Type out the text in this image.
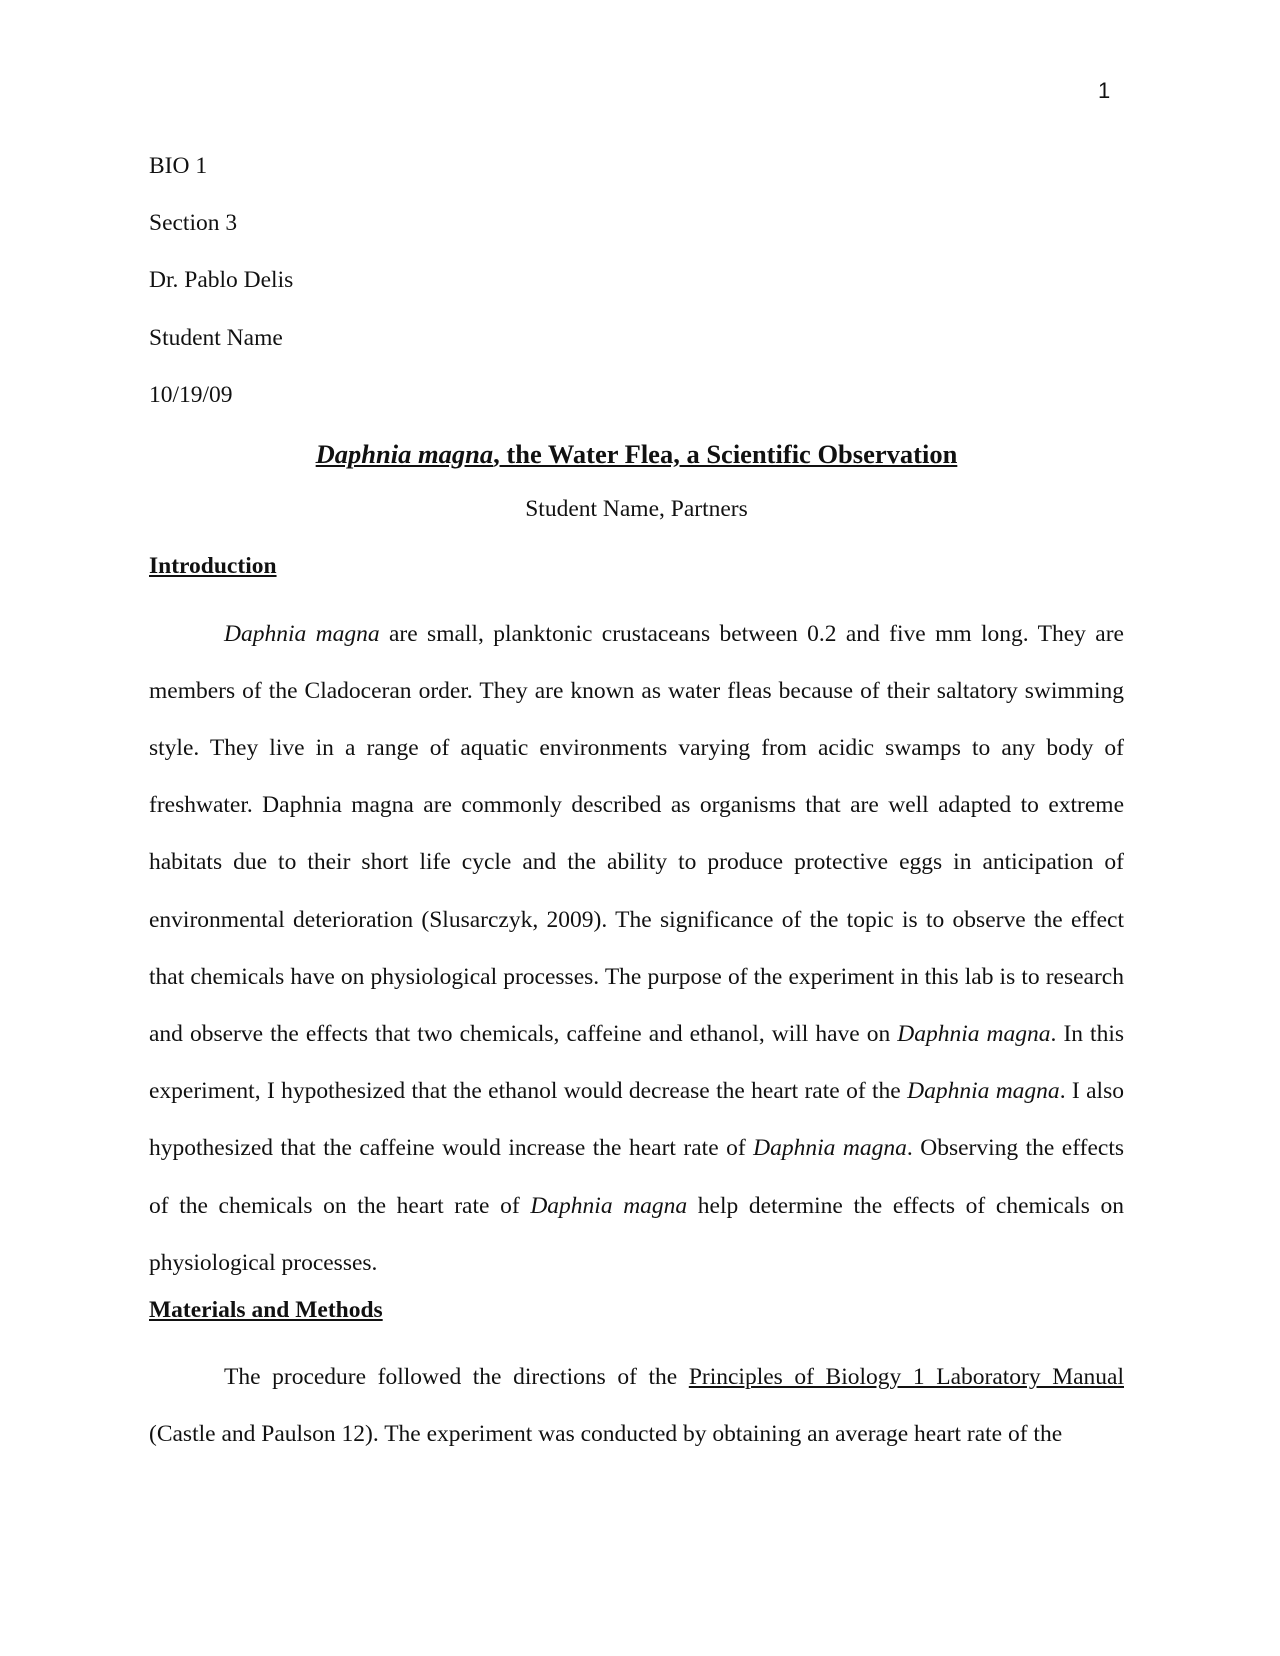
1
BIO 1
Section 3
Dr. Pablo Delis
Student Name
10/19/09
Daphnia magna, the Water Flea, a Scientific Observation
Student Name, Partners
Introduction
Daphnia magna are small, planktonic crustaceans between 0.2 and five mm long. They are members of the Cladoceran order. They are known as water fleas because of their saltatory swimming style. They live in a range of aquatic environments varying from acidic swamps to any body of freshwater. Daphnia magna are commonly described as organisms that are well adapted to extreme habitats due to their short life cycle and the ability to produce protective eggs in anticipation of environmental deterioration (Slusarczyk, 2009). The significance of the topic is to observe the effect that chemicals have on physiological processes. The purpose of the experiment in this lab is to research and observe the effects that two chemicals, caffeine and ethanol, will have on Daphnia magna. In this experiment, I hypothesized that the ethanol would decrease the heart rate of the Daphnia magna. I also hypothesized that the caffeine would increase the heart rate of Daphnia magna. Observing the effects of the chemicals on the heart rate of Daphnia magna help determine the effects of chemicals on physiological processes.
Materials and Methods
The procedure followed the directions of the Principles of Biology 1 Laboratory Manual (Castle and Paulson 12). The experiment was conducted by obtaining an average heart rate of the
